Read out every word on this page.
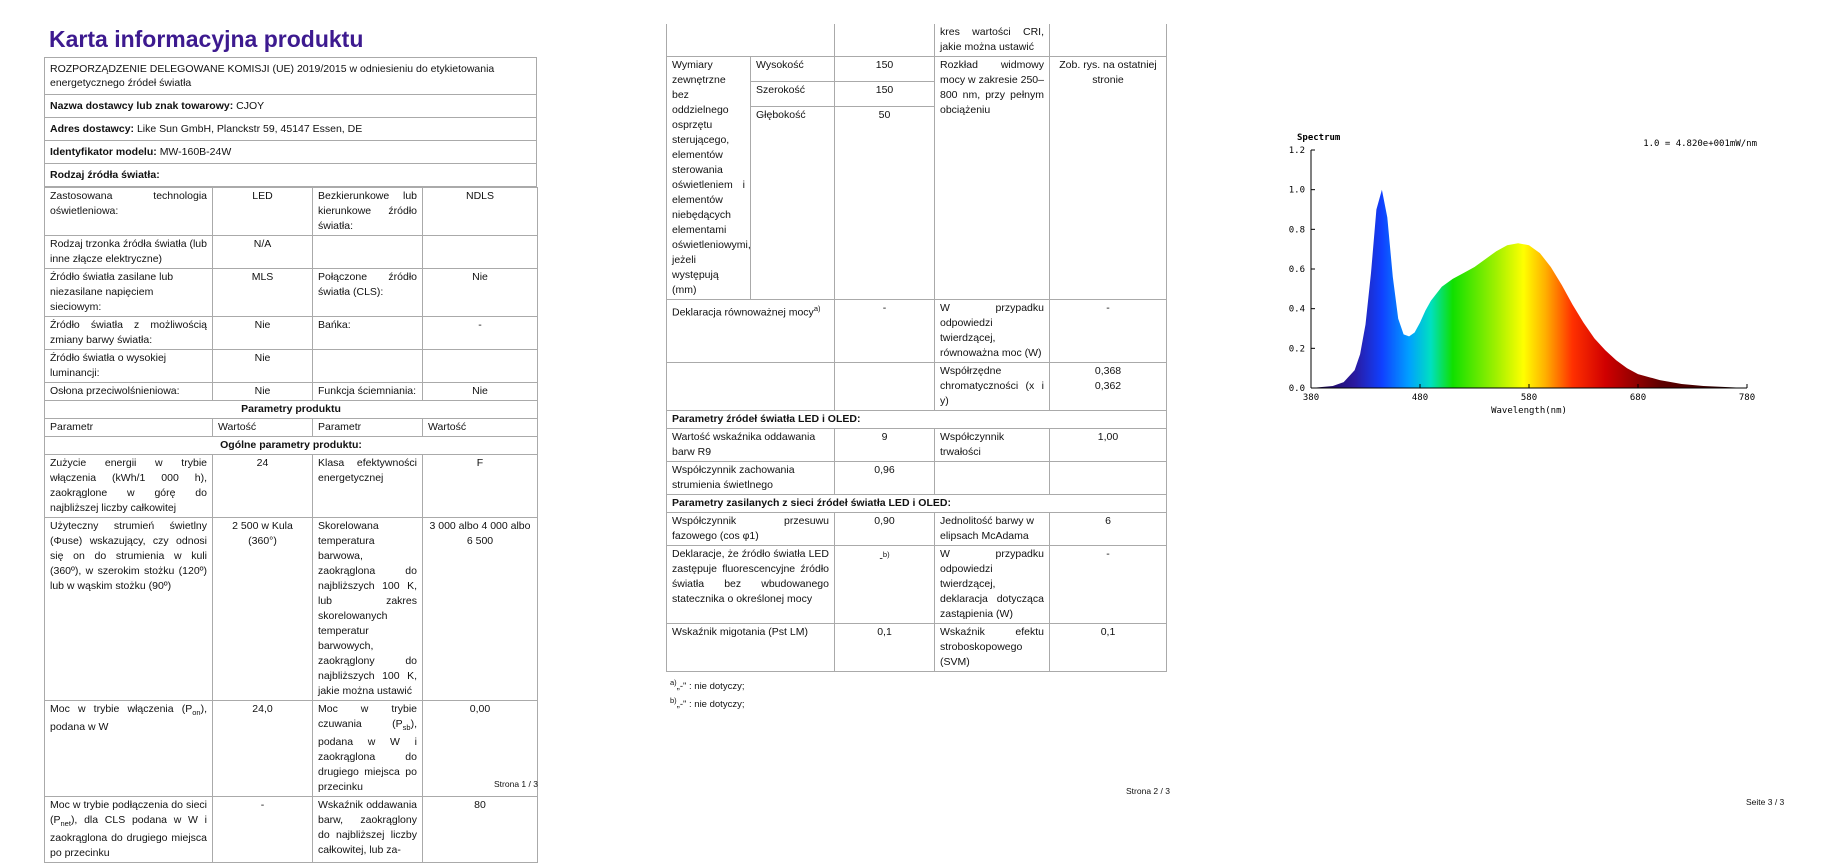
Karta informacyjna produktu
ROZPORZĄDZENIE DELEGOWANE KOMISJI (UE) 2019/2015 w odniesieniu do etykietowania energetycznego źródeł światła
Nazwa dostawcy lub znak towarowy: CJOY
Adres dostawcy: Like Sun GmbH, Planckstr 59, 45147 Essen, DE
Identyfikator modelu: MW-160B-24W
Rodzaj źródła światła:
Zastosowana technologia oświetleniowa:	LED	Bezkierunkowe lub kierunkowe źródło światła:	NDLS
Rodzaj trzonka źródła światła (lub inne złącze elektryczne)	N/A		
Źródło światła zasilane lub niezasilane napięciem sieciowym:	MLS	Połączone źródło światła (CLS):	Nie
Źródło światła z możliwością zmiany barwy światła:	Nie	Bańka:	-
Źródło światła o wysokiej luminancji:	Nie		
Osłona przeciwolśnieniowa:	Nie	Funkcja ściemniania:	Nie
Parametry produktu			
Parametr	Wartość	Parametr	Wartość
Ogólne parametry produktu:			
Zużycie energii w trybie włączenia (kWh/1 000 h), zaokrąglone w górę do najbliższej liczby całkowitej	24	Klasa efektywności energetycznej	F
Użyteczny strumień świetlny (Φuse) wskazujący, czy odnosi się on do strumienia w kuli (360º), w szerokim stożku (120º) lub w wąskim stożku (90º)	2 500 w Kula (360°)	Skorelowana temperatura barwowa, zaokrąglona do najbliższych 100 K, lub zakres skorelowanych temperatur barwowych, zaokrąglony do najbliższych 100 K, jakie można ustawić	3 000 albo 4 000 albo 6 500
Moc w trybie włączenia $(P_{on})$, podana w W	24,0	Moc w trybie czuwania $(P_{sb})$, podana w W i zaokrąglona do drugiego miejsca po przecinku	0,00
Moc w trybie podłączenia do sieci $(P_{net})$, dla CLS podana w W i zaokrąglona do drugiego miejsca po przecinku	-	Wskaźnik oddawania barw, zaokrąglony do najbliższej liczby całkowitej, lub za-	80
Strona 1 / 3
			kres wartości CRI, jakie można ustawić	
Wymiary zewnętrzne bez oddzielnego osprzętu sterującego, elementów sterowania oświetleniem i elementów niebędących elementami oświetleniowymi, jeżeli występują (mm)	Wysokość	150	Rozkład widmowy mocy w zakresie 250–800 nm, przy pełnym obciążeniu	Zob. rys. na ostatniej stronie
	Szerokość	150		
	Głębokość	50		

Deklaracja równoważnej mocy$^{a)}$		-	W przypadku odpowiedzi twierdzącej, równoważna moc (W)	-
			Współrzędne chromatyczności (x i y)	0,368
0,362

Parametry źródeł światła LED i OLED:				
Wartość wskaźnika oddawania barw R9		9	Współczynnik trwałości	1,00
Współczynnik zachowania strumienia świetlnego		0,96		
Parametry zasilanych z sieci źródeł światła LED i OLED:				
Współczynnik przesuwu fazowego (cos φ1)		0,90	Jednolitość barwy w elipsach McAdama	6
Deklaracje, że źródło światła LED zastępuje fluorescencyjne źródło światła bez wbudowanego statecznika o określonej mocy		-$^{b)}$	W przypadku odpowiedzi twierdzącej, deklaracja dotycząca zastąpienia (W)	-
Wskaźnik migotania (Pst LM)		0,1	Wskaźnik efektu stroboskopowego (SVM)	0,1
$^{a)}$„-" : nie dotyczy;
$^{b)}$„-" : nie dotyczy;
Strona 2 / 3
0.0
0.2
0.4
0.6
0.8
1.0
1.2
380	480	580	680	780
Spectrum
1.0 = 4.820e+001mW/nm
Wavelength(nm)
Seite 3 / 3
